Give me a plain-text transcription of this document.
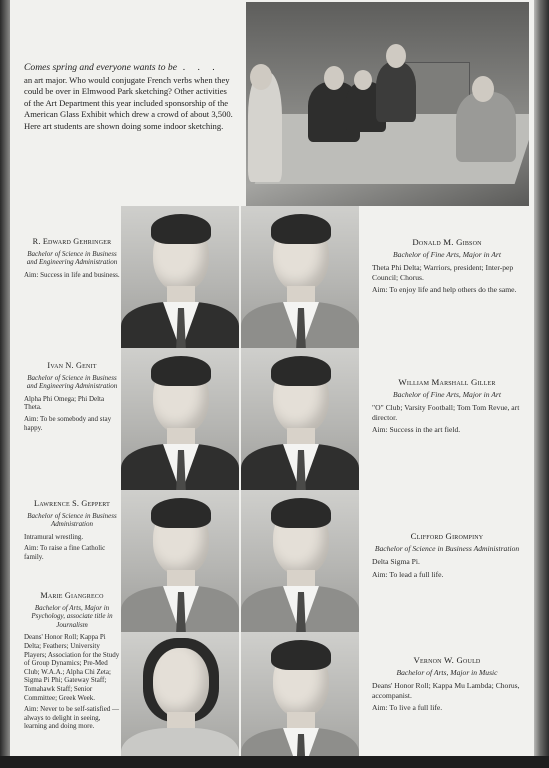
Comes spring and everyone wants to be . . .
an art major. Who would conjugate French verbs when they could be over in Elmwood Park sketching? Other activities of the Art Department this year included sponsorship of the American Glass Exhibit which drew a crowd of about 3,500. Here art students are shown doing some indoor sketching.
R. Edward Gehringer
Bachelor of Science in Business and Engineering Administration
Aim: Success in life and business.
Donald M. Gibson
Bachelor of Fine Arts, Major in Art
Theta Phi Delta; Warriors, president; Inter-pep Council; Chorus.
Aim: To enjoy life and help others do the same.
Ivan N. Genit
Bachelor of Science in Business and Engineering Administration
Alpha Phi Omega; Phi Delta Theta.
Aim: To be somebody and stay happy.
William Marshall Giller
Bachelor of Fine Arts, Major in Art
"O" Club; Varsity Football; Tom Tom Revue, art director.
Aim: Success in the art field.
Lawrence S. Geppert
Bachelor of Science in Business Administration
Intramural wrestling.
Aim: To raise a fine Catholic family.
Clifford Girompiny
Bachelor of Science in Business Administration
Delta Sigma Pi.
Aim: To lead a full life.
Marie Giangreco
Bachelor of Arts, Major in Psychology, associate title in Journalism
Deans' Honor Roll; Kappa Pi Delta; Feathers; University Players; Association for the Study of Group Dynamics; Pre-Med Club; W.A.A.; Alpha Chi Zeta; Sigma Pi Phi; Gateway Staff; Tomahawk Staff; Senior Committee; Greek Week.
Aim: Never to be self-satisfied — always to delight in seeing, learning and doing more.
Vernon W. Gould
Bachelor of Arts, Major in Music
Deans' Honor Roll; Kappa Mu Lambda; Chorus, accompanist.
Aim: To live a full life.
